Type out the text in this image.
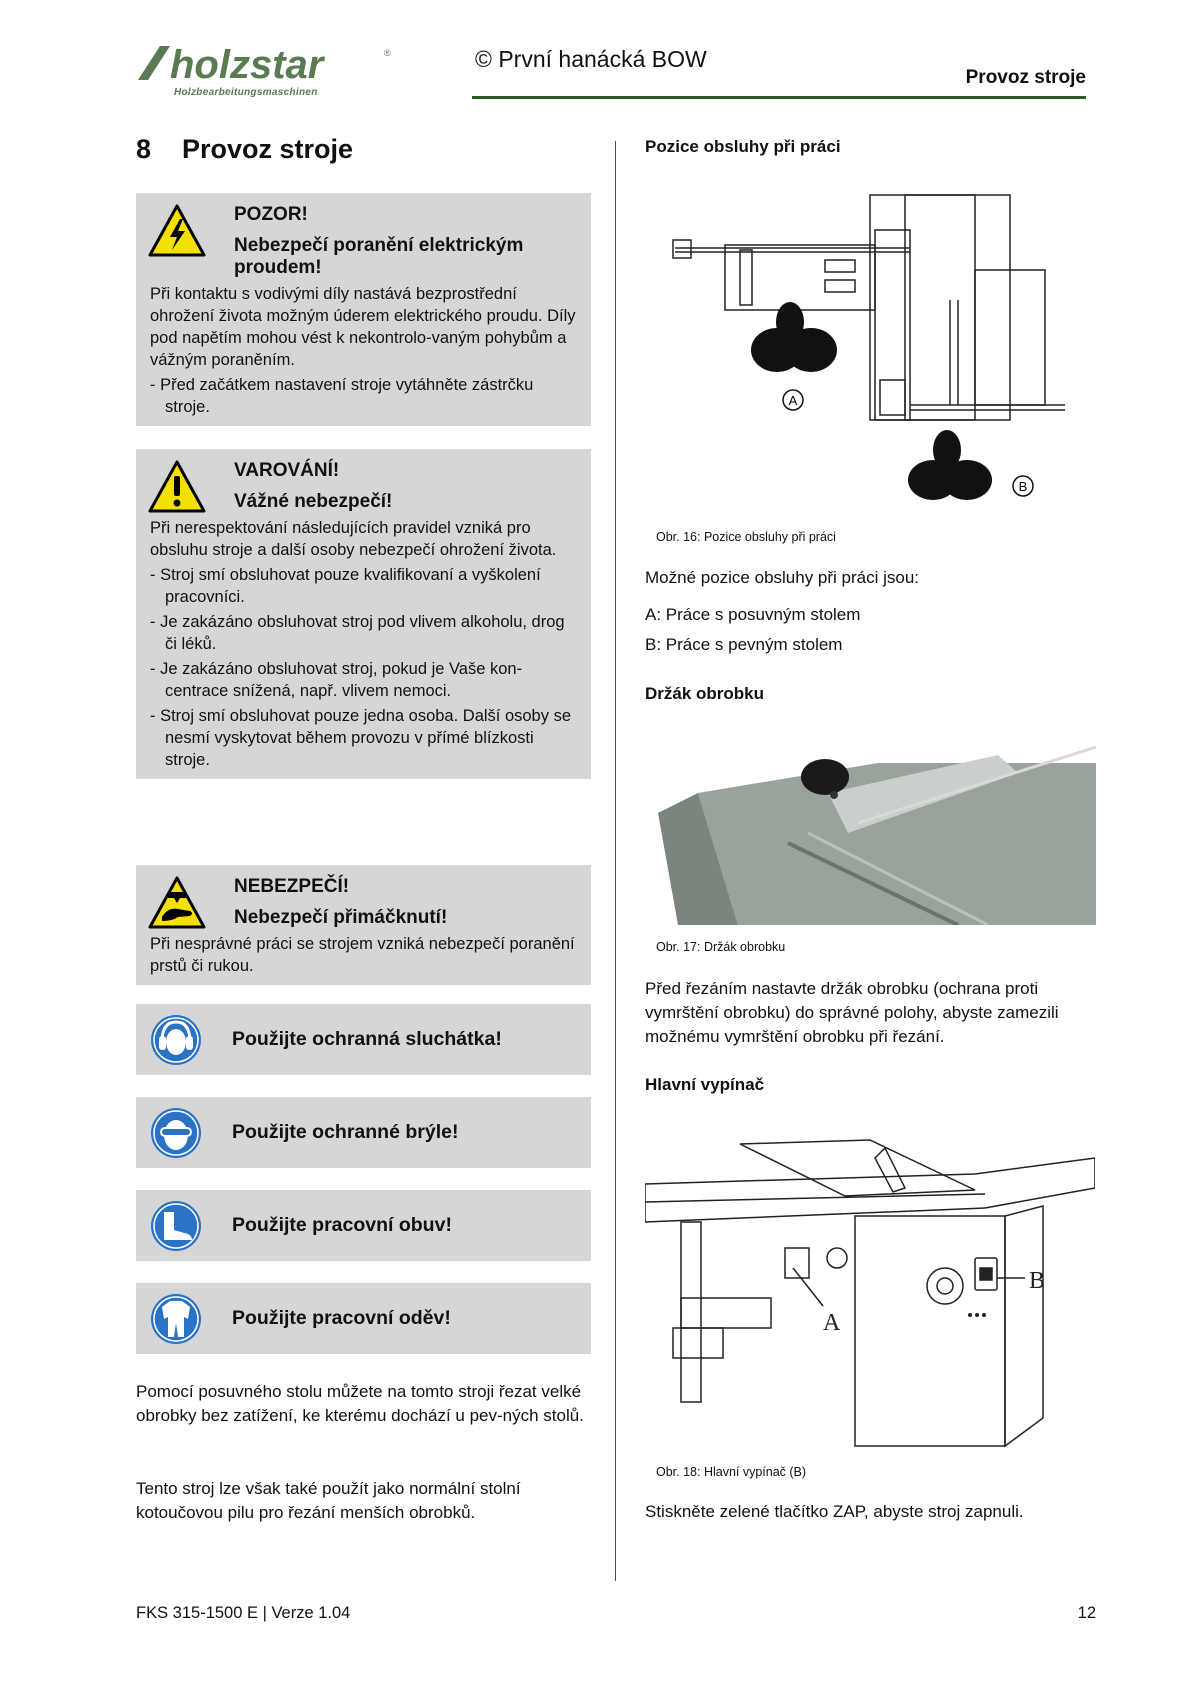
holzstar	®
Holzbearbeitungsmaschinen
© První hanácká BOW
Provoz stroje
8 Provoz stroje
POZOR!
Nebezpečí poranění elektrickým proudem!
Při kontaktu s vodivými díly nastává bezprostřední ohrožení života možným úderem elektrického proudu. Díly pod napětím mohou vést k nekontrolo-vaným pohybům a vážným poraněním.
- Před začátkem nastavení stroje vytáhněte zástrčku stroje.
VAROVÁNÍ!
Vážné nebezpečí!
Při nerespektování následujících pravidel vzniká pro obsluhu stroje a další osoby nebezpečí ohrožení života.
- Stroj smí obsluhovat pouze kvalifikovaní a vyškolení pracovníci.
- Je zakázáno obsluhovat stroj pod vlivem alkoholu, drog či léků.
- Je zakázáno obsluhovat stroj, pokud je Vaše kon-centrace snížená, např. vlivem nemoci.
- Stroj smí obsluhovat pouze jedna osoba. Další osoby se nesmí vyskytovat během provozu v přímé blízkosti stroje.
NEBEZPEČÍ!
Nebezpečí přimáčknutí!
Při nesprávné práci se strojem vzniká nebezpečí poranění prstů či rukou.
Použijte ochranná sluchátka!
Použijte ochranné brýle!
Použijte pracovní obuv!
Použijte pracovní oděv!
Pomocí posuvného stolu můžete na tomto stroji řezat velké obrobky bez zatížení, ke kterému dochází u pev-ných stolů.
Tento stroj lze však také použít jako normální stolní kotoučovou pilu pro řezání menších obrobků.
Pozice obsluhy při práci
A
B
Obr. 16: Pozice obsluhy při práci
Možné pozice obsluhy při práci jsou:
A: Práce s posuvným stolem
B: Práce s pevným stolem
Držák obrobku
Obr. 17: Držák obrobku
Před řezáním nastavte držák obrobku (ochrana proti vymrštění obrobku) do správné polohy, abyste zamezili možnému vymrštění obrobku při řezání.
Hlavní vypínač
A
B
Obr. 18: Hlavní vypínač (B)
Stiskněte zelené tlačítko ZAP, abyste stroj zapnuli.
FKS 315-1500 E | Verze 1.04	12
